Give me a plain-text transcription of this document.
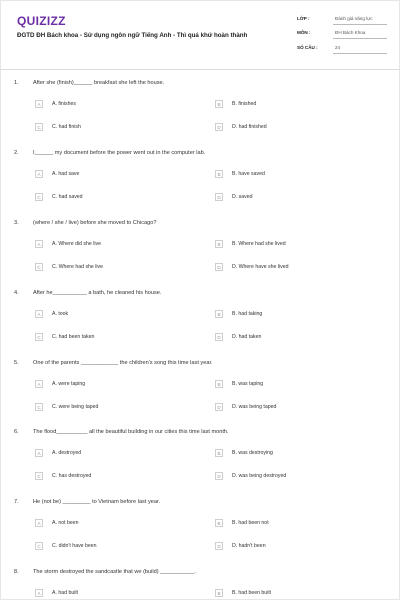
QUIZIZZ
ĐGTD ĐH Bách khoa - Sử dụng ngôn ngữ Tiếng Anh - Thì quá khứ hoàn thành
LỚP :	Đánh giá năng lực
MÔN :	ĐH Bách Khoa
SỐ CÂU :	24
1.	After she (finish)______ breakfast she left the house.
A	A. finishes	B	B. finished
C	C. had finish	D	D. had finished
2.	I______ my document before the power went out in the computer lab.
A	A. had save	B	B. have saved
C	C. had saved	D	D. saved
3.	(where / she / live) before she moved to Chicago?
A	A. Where did she live	B	B. Where had she lived
C	C. Where had she live	D	D. Where have she lived
4.	After he___________ a bath, he cleaned his house.
A	A. took	B	B. had taking
C	C. had been taken	D	D. had taken
5.	One of the parents ____________ the children's song this time last year.
A	A. were taping	B	B. was taping
C	C. were being taped	D	D. was being taped
6.	The flood__________ all the beautiful building in our cities this time last month.
A	A. destroyed	B	B. was destroying
C	C. has destroyed	D	D. was being destroyed
7.	He (not be) _________ to Vietnam before last year.
A	A. not been	B	B. had been not
C	C. didn't have been	D	D. hadn't been
8.	The storm destroyed the sandcastle that we (build) ___________.
A	A. had built	B	B. had been built
